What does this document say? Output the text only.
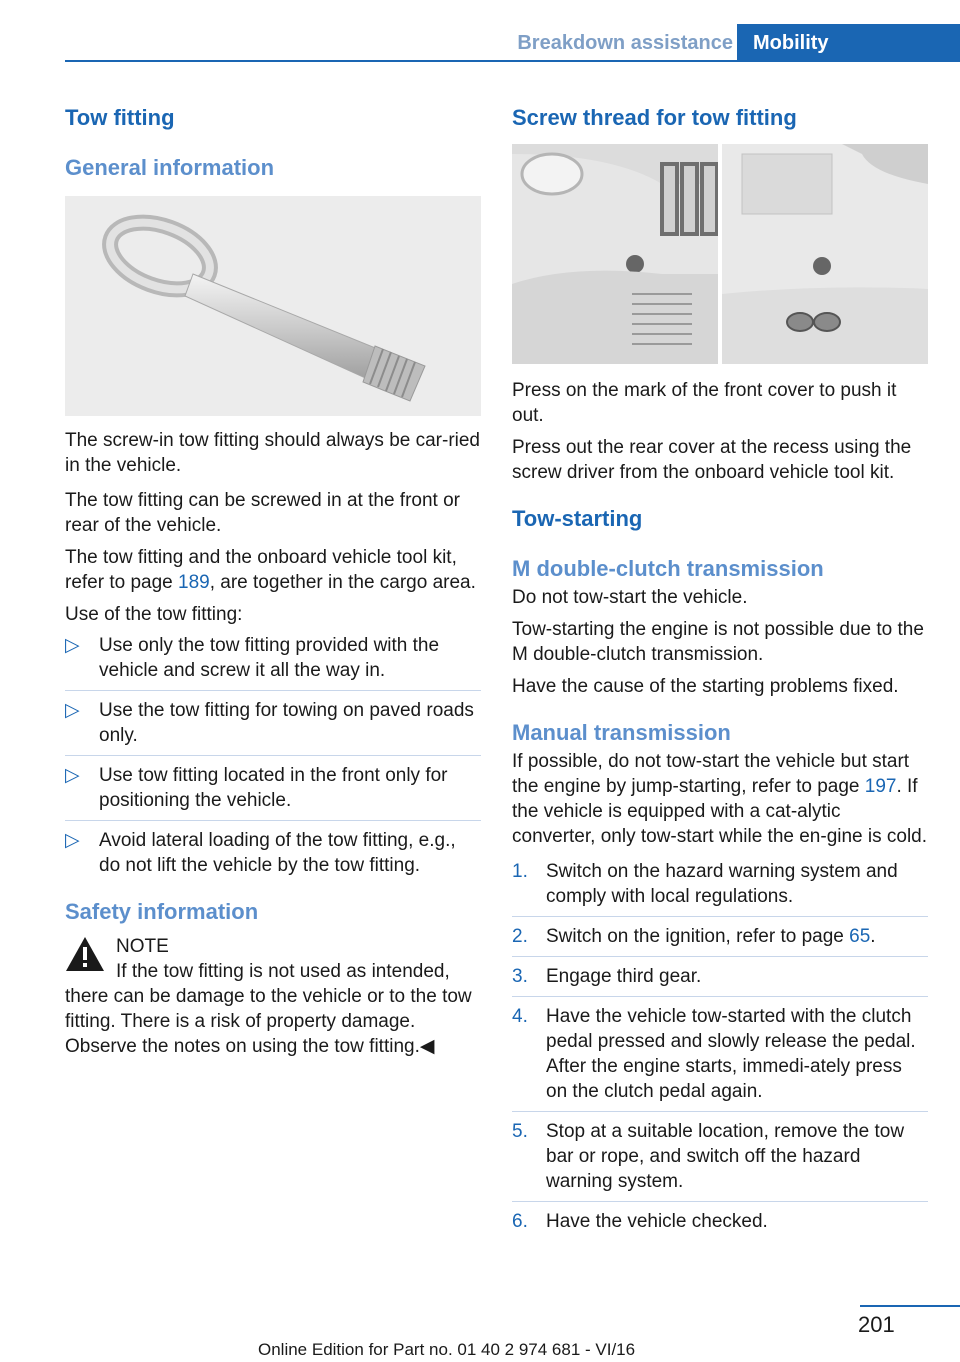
Breakdown assistance	Mobility
Tow fitting
General information

The screw-in tow fitting should always be car-ried in the vehicle.

The tow fitting can be screwed in at the front or rear of the vehicle.

The tow fitting and the onboard vehicle tool kit, refer to page 189, are together in the cargo area.

Use of the tow fitting:

▷ Use only the tow fitting provided with the vehicle and screw it all the way in.
▷ Use the tow fitting for towing on paved roads only.
▷ Use tow fitting located in the front only for positioning the vehicle.
▷ Avoid lateral loading of the tow fitting, e.g., do not lift the vehicle by the tow fitting.
Safety information
NOTE

If the tow fitting is not used as intended, there can be damage to the vehicle or to the tow fitting. There is a risk of property damage. Observe the notes on using the tow fitting.◀

Screw thread for tow fitting

Press on the mark of the front cover to push it out.

Press out the rear cover at the recess using the screw driver from the onboard vehicle tool kit.

Tow-starting
M double-clutch transmission

Do not tow-start the vehicle.

Tow-starting the engine is not possible due to the M double-clutch transmission.

Have the cause of the starting problems fixed.

Manual transmission

If possible, do not tow-start the vehicle but start the engine by jump-starting, refer to page 197. If the vehicle is equipped with a cat-alytic converter, only tow-start while the en-gine is cold.

1. Switch on the hazard warning system and comply with local regulations.
2. Switch on the ignition, refer to page 65.
3. Engage third gear.
4. Have the vehicle tow-started with the clutch pedal pressed and slowly release the pedal. After the engine starts, immedi-ately press on the clutch pedal again.
5. Stop at a suitable location, remove the tow bar or rope, and switch off the hazard warning system.
6. Have the vehicle checked.
201
Online Edition for Part no. 01 40 2 974 681 - VI/16
